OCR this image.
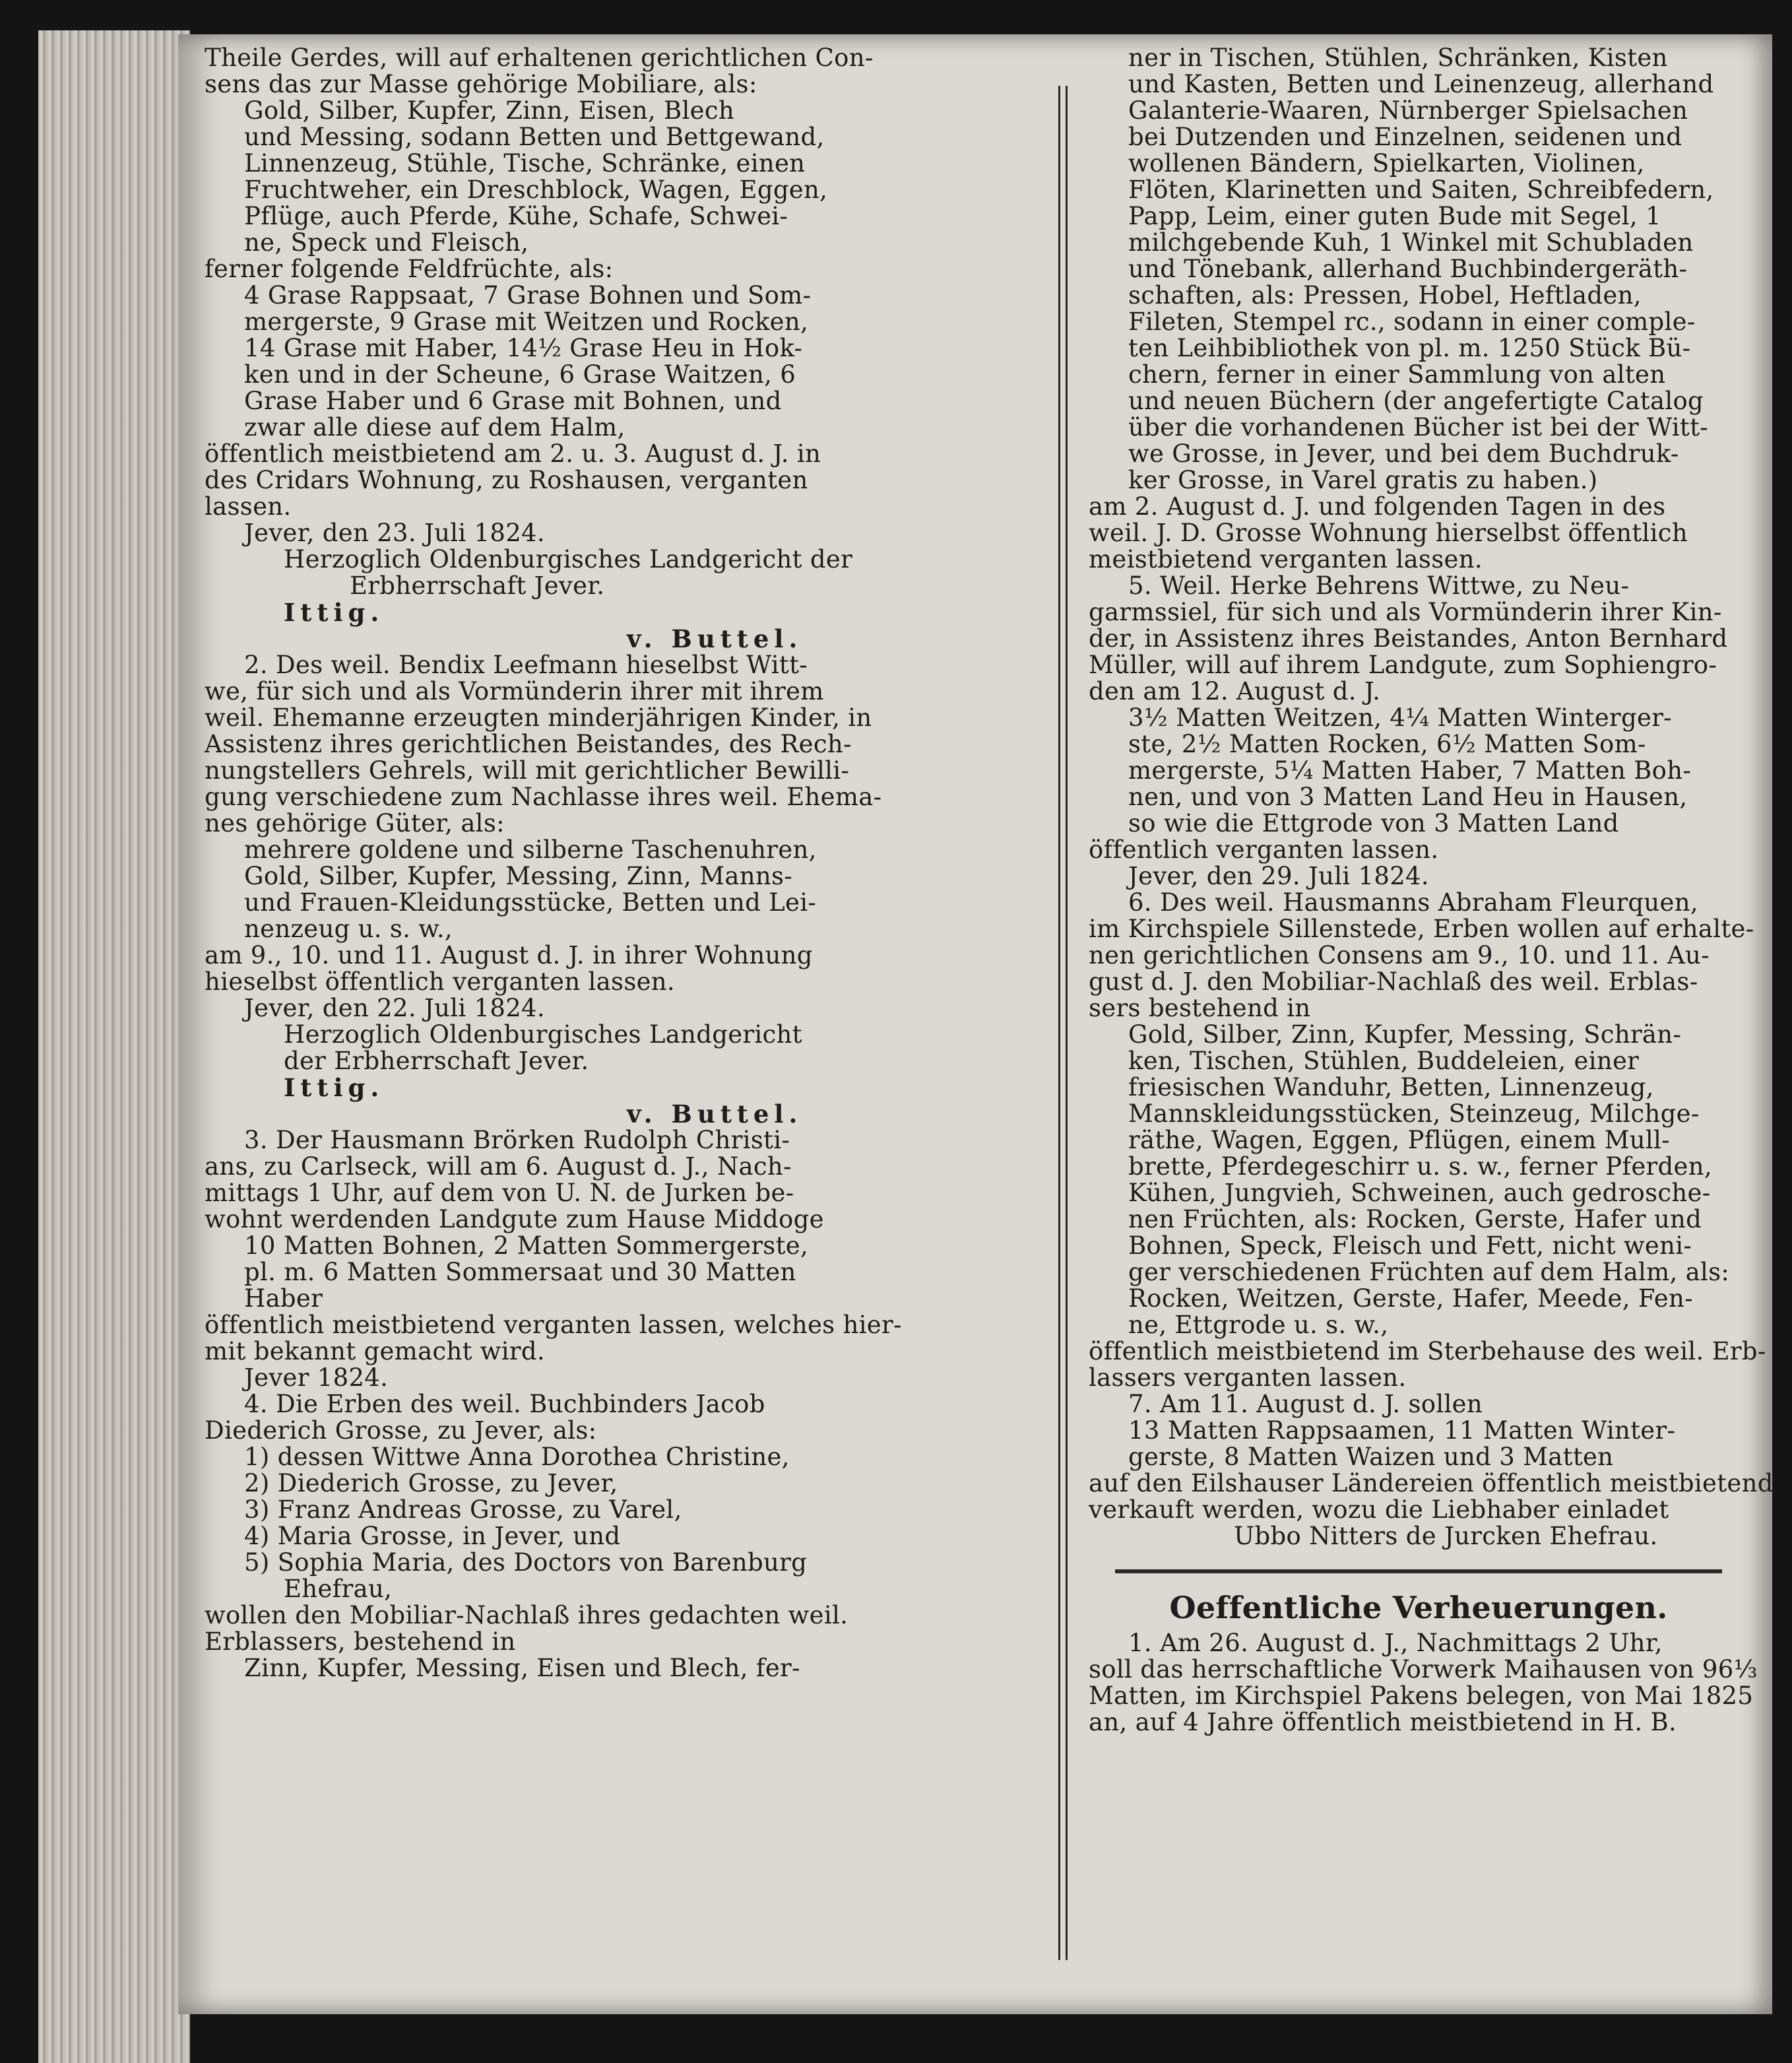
Theile Gerdes, will auf erhaltenen gerichtlichen Con-
sens das zur Masse gehörige Mobiliare, als:
Gold, Silber, Kupfer, Zinn, Eisen, Blech
und Messing, sodann Betten und Bettgewand,
Linnenzeug, Stühle, Tische, Schränke, einen
Fruchtweher, ein Dreschblock, Wagen, Eggen,
Pflüge, auch Pferde, Kühe, Schafe, Schwei-
ne, Speck und Fleisch,
ferner folgende Feldfrüchte, als:
4 Grase Rappsaat, 7 Grase Bohnen und Som-
mergerste, 9 Grase mit Weitzen und Rocken,
14 Grase mit Haber, 14½ Grase Heu in Hok-
ken und in der Scheune, 6 Grase Waitzen, 6
Grase Haber und 6 Grase mit Bohnen, und
zwar alle diese auf dem Halm,
öffentlich meistbietend am 2. u. 3. August d. J. in
des Cridars Wohnung, zu Roshausen, verganten
lassen.
Jever, den 23. Juli 1824.
Herzoglich Oldenburgisches Landgericht der
Erbherrschaft Jever.
Ittig.
v. Buttel.
2. Des weil. Bendix Leefmann hieselbst Witt-
we, für sich und als Vormünderin ihrer mit ihrem
weil. Ehemanne erzeugten minderjährigen Kinder, in
Assistenz ihres gerichtlichen Beistandes, des Rech-
nungstellers Gehrels, will mit gerichtlicher Bewilli-
gung verschiedene zum Nachlasse ihres weil. Ehema-
nes gehörige Güter, als:
mehrere goldene und silberne Taschenuhren,
Gold, Silber, Kupfer, Messing, Zinn, Manns-
und Frauen-Kleidungsstücke, Betten und Lei-
nenzeug u. s. w.,
am 9., 10. und 11. August d. J. in ihrer Wohnung
hieselbst öffentlich verganten lassen.
Jever, den 22. Juli 1824.
Herzoglich Oldenburgisches Landgericht
der Erbherrschaft Jever.
Ittig.
v. Buttel.
3. Der Hausmann Brörken Rudolph Christi-
ans, zu Carlseck, will am 6. August d. J., Nach-
mittags 1 Uhr, auf dem von U. N. de Jurken be-
wohnt werdenden Landgute zum Hause Middoge
10 Matten Bohnen, 2 Matten Sommergerste,
pl. m. 6 Matten Sommersaat und 30 Matten
Haber
öffentlich meistbietend verganten lassen, welches hier-
mit bekannt gemacht wird.
Jever 1824.
4. Die Erben des weil. Buchbinders Jacob
Diederich Grosse, zu Jever, als:
1) dessen Wittwe Anna Dorothea Christine,
2) Diederich Grosse, zu Jever,
3) Franz Andreas Grosse, zu Varel,
4) Maria Grosse, in Jever, und
5) Sophia Maria, des Doctors von Barenburg
Ehefrau,
wollen den Mobiliar-Nachlaß ihres gedachten weil.
Erblassers, bestehend in
Zinn, Kupfer, Messing, Eisen und Blech, fer-
ner in Tischen, Stühlen, Schränken, Kisten
und Kasten, Betten und Leinenzeug, allerhand
Galanterie-Waaren, Nürnberger Spielsachen
bei Dutzenden und Einzelnen, seidenen und
wollenen Bändern, Spielkarten, Violinen,
Flöten, Klarinetten und Saiten, Schreibfedern,
Papp, Leim, einer guten Bude mit Segel, 1
milchgebende Kuh, 1 Winkel mit Schubladen
und Tönebank, allerhand Buchbindergeräth-
schaften, als: Pressen, Hobel, Heftladen,
Fileten, Stempel rc., sodann in einer comple-
ten Leihbibliothek von pl. m. 1250 Stück Bü-
chern, ferner in einer Sammlung von alten
und neuen Büchern (der angefertigte Catalog
über die vorhandenen Bücher ist bei der Witt-
we Grosse, in Jever, und bei dem Buchdruk-
ker Grosse, in Varel gratis zu haben.)
am 2. August d. J. und folgenden Tagen in des
weil. J. D. Grosse Wohnung hierselbst öffentlich
meistbietend verganten lassen.
5. Weil. Herke Behrens Wittwe, zu Neu-
garmssiel, für sich und als Vormünderin ihrer Kin-
der, in Assistenz ihres Beistandes, Anton Bernhard
Müller, will auf ihrem Landgute, zum Sophiengro-
den am 12. August d. J.
3½ Matten Weitzen, 4¼ Matten Winterger-
ste, 2½ Matten Rocken, 6½ Matten Som-
mergerste, 5¼ Matten Haber, 7 Matten Boh-
nen, und von 3 Matten Land Heu in Hausen,
so wie die Ettgrode von 3 Matten Land
öffentlich verganten lassen.
Jever, den 29. Juli 1824.
6. Des weil. Hausmanns Abraham Fleurquen,
im Kirchspiele Sillenstede, Erben wollen auf erhalte-
nen gerichtlichen Consens am 9., 10. und 11. Au-
gust d. J. den Mobiliar-Nachlaß des weil. Erblas-
sers bestehend in
Gold, Silber, Zinn, Kupfer, Messing, Schrän-
ken, Tischen, Stühlen, Buddeleien, einer
friesischen Wanduhr, Betten, Linnenzeug,
Mannskleidungsstücken, Steinzeug, Milchge-
räthe, Wagen, Eggen, Pflügen, einem Mull-
brette, Pferdegeschirr u. s. w., ferner Pferden,
Kühen, Jungvieh, Schweinen, auch gedrosche-
nen Früchten, als: Rocken, Gerste, Hafer und
Bohnen, Speck, Fleisch und Fett, nicht weni-
ger verschiedenen Früchten auf dem Halm, als:
Rocken, Weitzen, Gerste, Hafer, Meede, Fen-
ne, Ettgrode u. s. w.,
öffentlich meistbietend im Sterbehause des weil. Erb-
lassers verganten lassen.
7. Am 11. August d. J. sollen
13 Matten Rappsaamen, 11 Matten Winter-
gerste, 8 Matten Waizen und 3 Matten
auf den Eilshauser Ländereien öffentlich meistbietend
verkauft werden, wozu die Liebhaber einladet
Ubbo Nitters de Jurcken Ehefrau.
Oeffentliche Verheuerungen.
1. Am 26. August d. J., Nachmittags 2 Uhr,
soll das herrschaftliche Vorwerk Maihausen von 96⅓
Matten, im Kirchspiel Pakens belegen, von Mai 1825
an, auf 4 Jahre öffentlich meistbietend in H. B.
